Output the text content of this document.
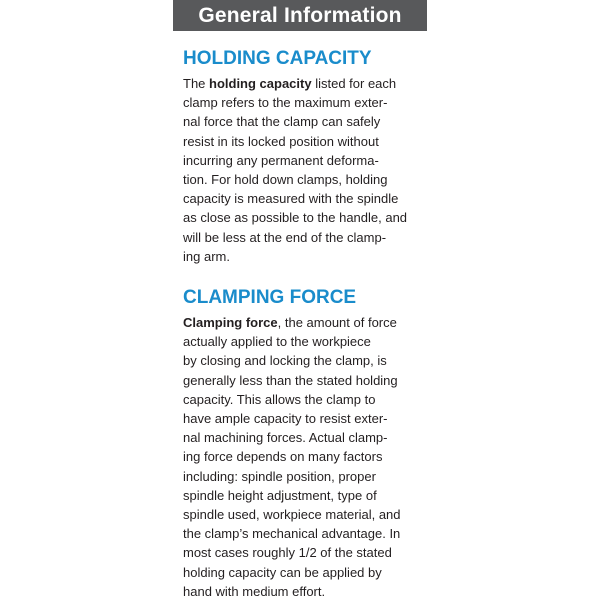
General Information
HOLDING CAPACITY
The holding capacity listed for each
clamp refers to the maximum exter-
nal force that the clamp can safely
resist in its locked position without
incurring any permanent deforma-
tion. For hold down clamps, holding
capacity is measured with the spindle
as close as possible to the handle, and
will be less at the end of the clamp-
ing arm.
CLAMPING FORCE
Clamping force, the amount of force
actually applied to the workpiece
by closing and locking the clamp, is
generally less than the stated holding
capacity. This allows the clamp to
have ample capacity to resist exter-
nal machining forces. Actual clamp-
ing force depends on many factors
including: spindle position, proper
spindle height adjustment, type of
spindle used, workpiece material, and
the clamp’s mechanical advantage. In
most cases roughly 1/2 of the stated
holding capacity can be applied by
hand with medium effort.
